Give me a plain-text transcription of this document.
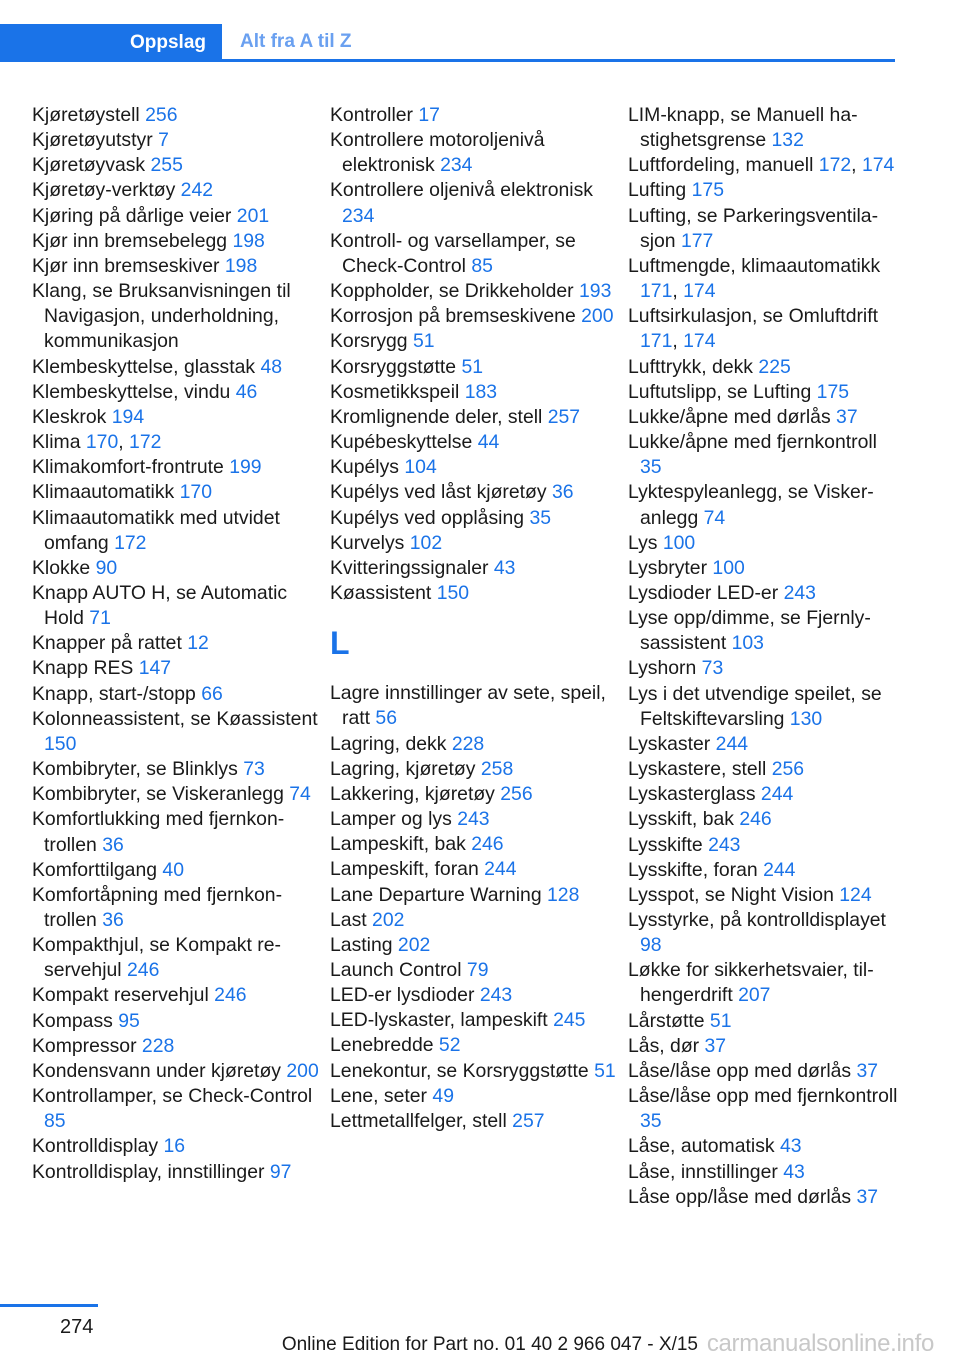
Oppslag	Alt fra A til Z
Kjøretøystell 256
Kjøretøyutstyr 7
Kjøretøyvask 255
Kjøretøy-verktøy 242
Kjøring på dårlige veier 201
Kjør inn bremsebelegg 198
Kjør inn bremseskiver 198
Klang, se Bruksanvisningen til Navigasjon, underholdning, kommunikasjon
Klembeskyttelse, glasstak 48
Klembeskyttelse, vindu 46
Kleskrok 194
Klima 170, 172
Klimakomfort-frontrute 199
Klimaautomatikk 170
Klimaautomatikk med utvidet omfang 172
Klokke 90
Knapp AUTO H, se Automatic Hold 71
Knapper på rattet 12
Knapp RES 147
Knapp, start-/stopp 66
Kolonneassistent, se Køassistent 150
Kombibryter, se Blinklys 73
Kombibryter, se Viskeranlegg 74
Komfortlukking med fjernkontrollen 36
Komforttilgang 40
Komfortåpning med fjernkontrollen 36
Kompakthjul, se Kompakt reservehjul 246
Kompakt reservehjul 246
Kompass 95
Kompressor 228
Kondensvann under kjøretøy 200
Kontrollamper, se Check-Control 85
Kontrolldisplay 16
Kontrolldisplay, innstillinger 97
Kontroller 17
Kontrollere motoroljenivå elektronisk 234
Kontrollere oljenivå elektronisk 234
Kontroll- og varsellamper, se Check-Control 85
Koppholder, se Drikkeholder 193
Korrosjon på bremseskivene 200
Korsrygg 51
Korsryggstøtte 51
Kosmetikkspeil 183
Kromlignende deler, stell 257
Kupébeskyttelse 44
Kupélys 104
Kupélys ved låst kjøretøy 36
Kupélys ved opplåsing 35
Kurvelys 102
Kvitteringssignaler 43
Køassistent 150
L
Lagre innstillinger av sete, speil, ratt 56
Lagring, dekk 228
Lagring, kjøretøy 258
Lakkering, kjøretøy 256
Lamper og lys 243
Lampeskift, bak 246
Lampeskift, foran 244
Lane Departure Warning 128
Last 202
Lasting 202
Launch Control 79
LED-er lysdioder 243
LED-lyskaster, lampeskift 245
Lenebredde 52
Lenekontur, se Korsryggstøtte 51
Lene, seter 49
Lettmetallfelger, stell 257
LIM-knapp, se Manuell hastighetsgrense 132
Luftfordeling, manuell 172, 174
Lufting 175
Lufting, se Parkeringsventilasjon 177
Luftmengde, klimaautomatikk 171, 174
Luftsirkulasjon, se Omluftdrift 171, 174
Lufttrykk, dekk 225
Luftutslipp, se Lufting 175
Lukke/åpne med dørlås 37
Lukke/åpne med fjernkontroll 35
Lyktespyleanlegg, se Viskeranlegg 74
Lys 100
Lysbryter 100
Lysdioder LED-er 243
Lyse opp/dimme, se Fjernlysassistent 103
Lyshorn 73
Lys i det utvendige speilet, se Feltskiftevarsling 130
Lyskaster 244
Lyskastere, stell 256
Lyskasterglass 244
Lysskift, bak 246
Lysskifte 243
Lysskifte, foran 244
Lysspot, se Night Vision 124
Lysstyrke, på kontrolldisplayet 98
Løkke for sikkerhetsvaier, tilhengerdrift 207
Lårstøtte 51
Lås, dør 37
Låse/låse opp med dørlås 37
Låse/låse opp med fjernkontroll 35
Låse, automatisk 43
Låse, innstillinger 43
Låse opp/låse med dørlås 37
274
Online Edition for Part no. 01 40 2 966 047 - X/15 carmanualsonline.info
